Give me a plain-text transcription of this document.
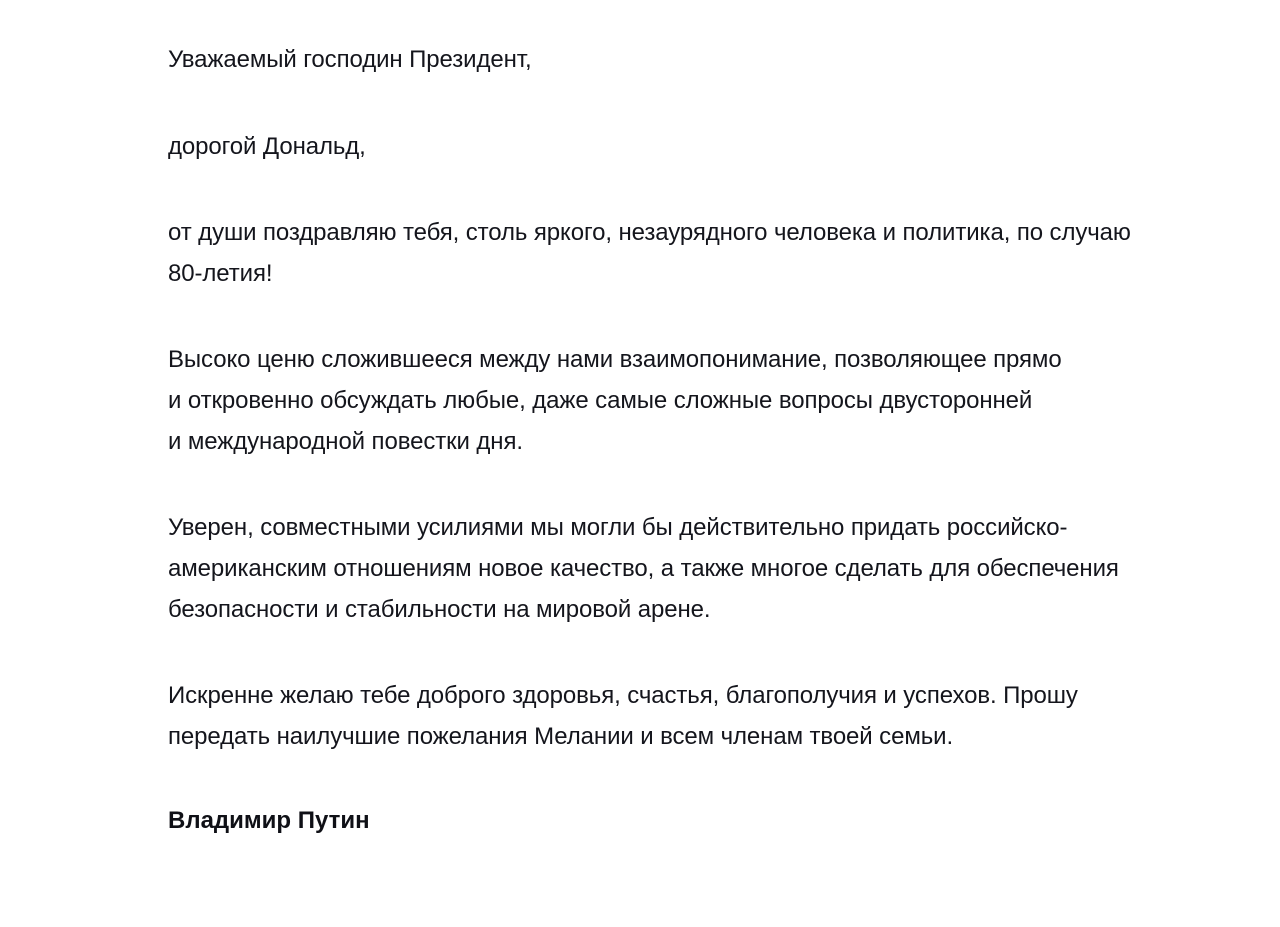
Уважаемый господин Президент,

дорогой Дональд,

от души поздравляю тебя, столь яркого, незаурядного человека и политика, по случаю
80-летия!

Высоко ценю сложившееся между нами взаимопонимание, позволяющее прямо
и откровенно обсуждать любые, даже самые сложные вопросы двусторонней
и международной повестки дня.

Уверен, совместными усилиями мы могли бы действительно придать российско-
американским отношениям новое качество, а также многое сделать для обеспечения
безопасности и стабильности на мировой арене.

Искренне желаю тебе доброго здоровья, счастья, благополучия и успехов. Прошу
передать наилучшие пожелания Мелании и всем членам твоей семьи.

Владимир Путин
